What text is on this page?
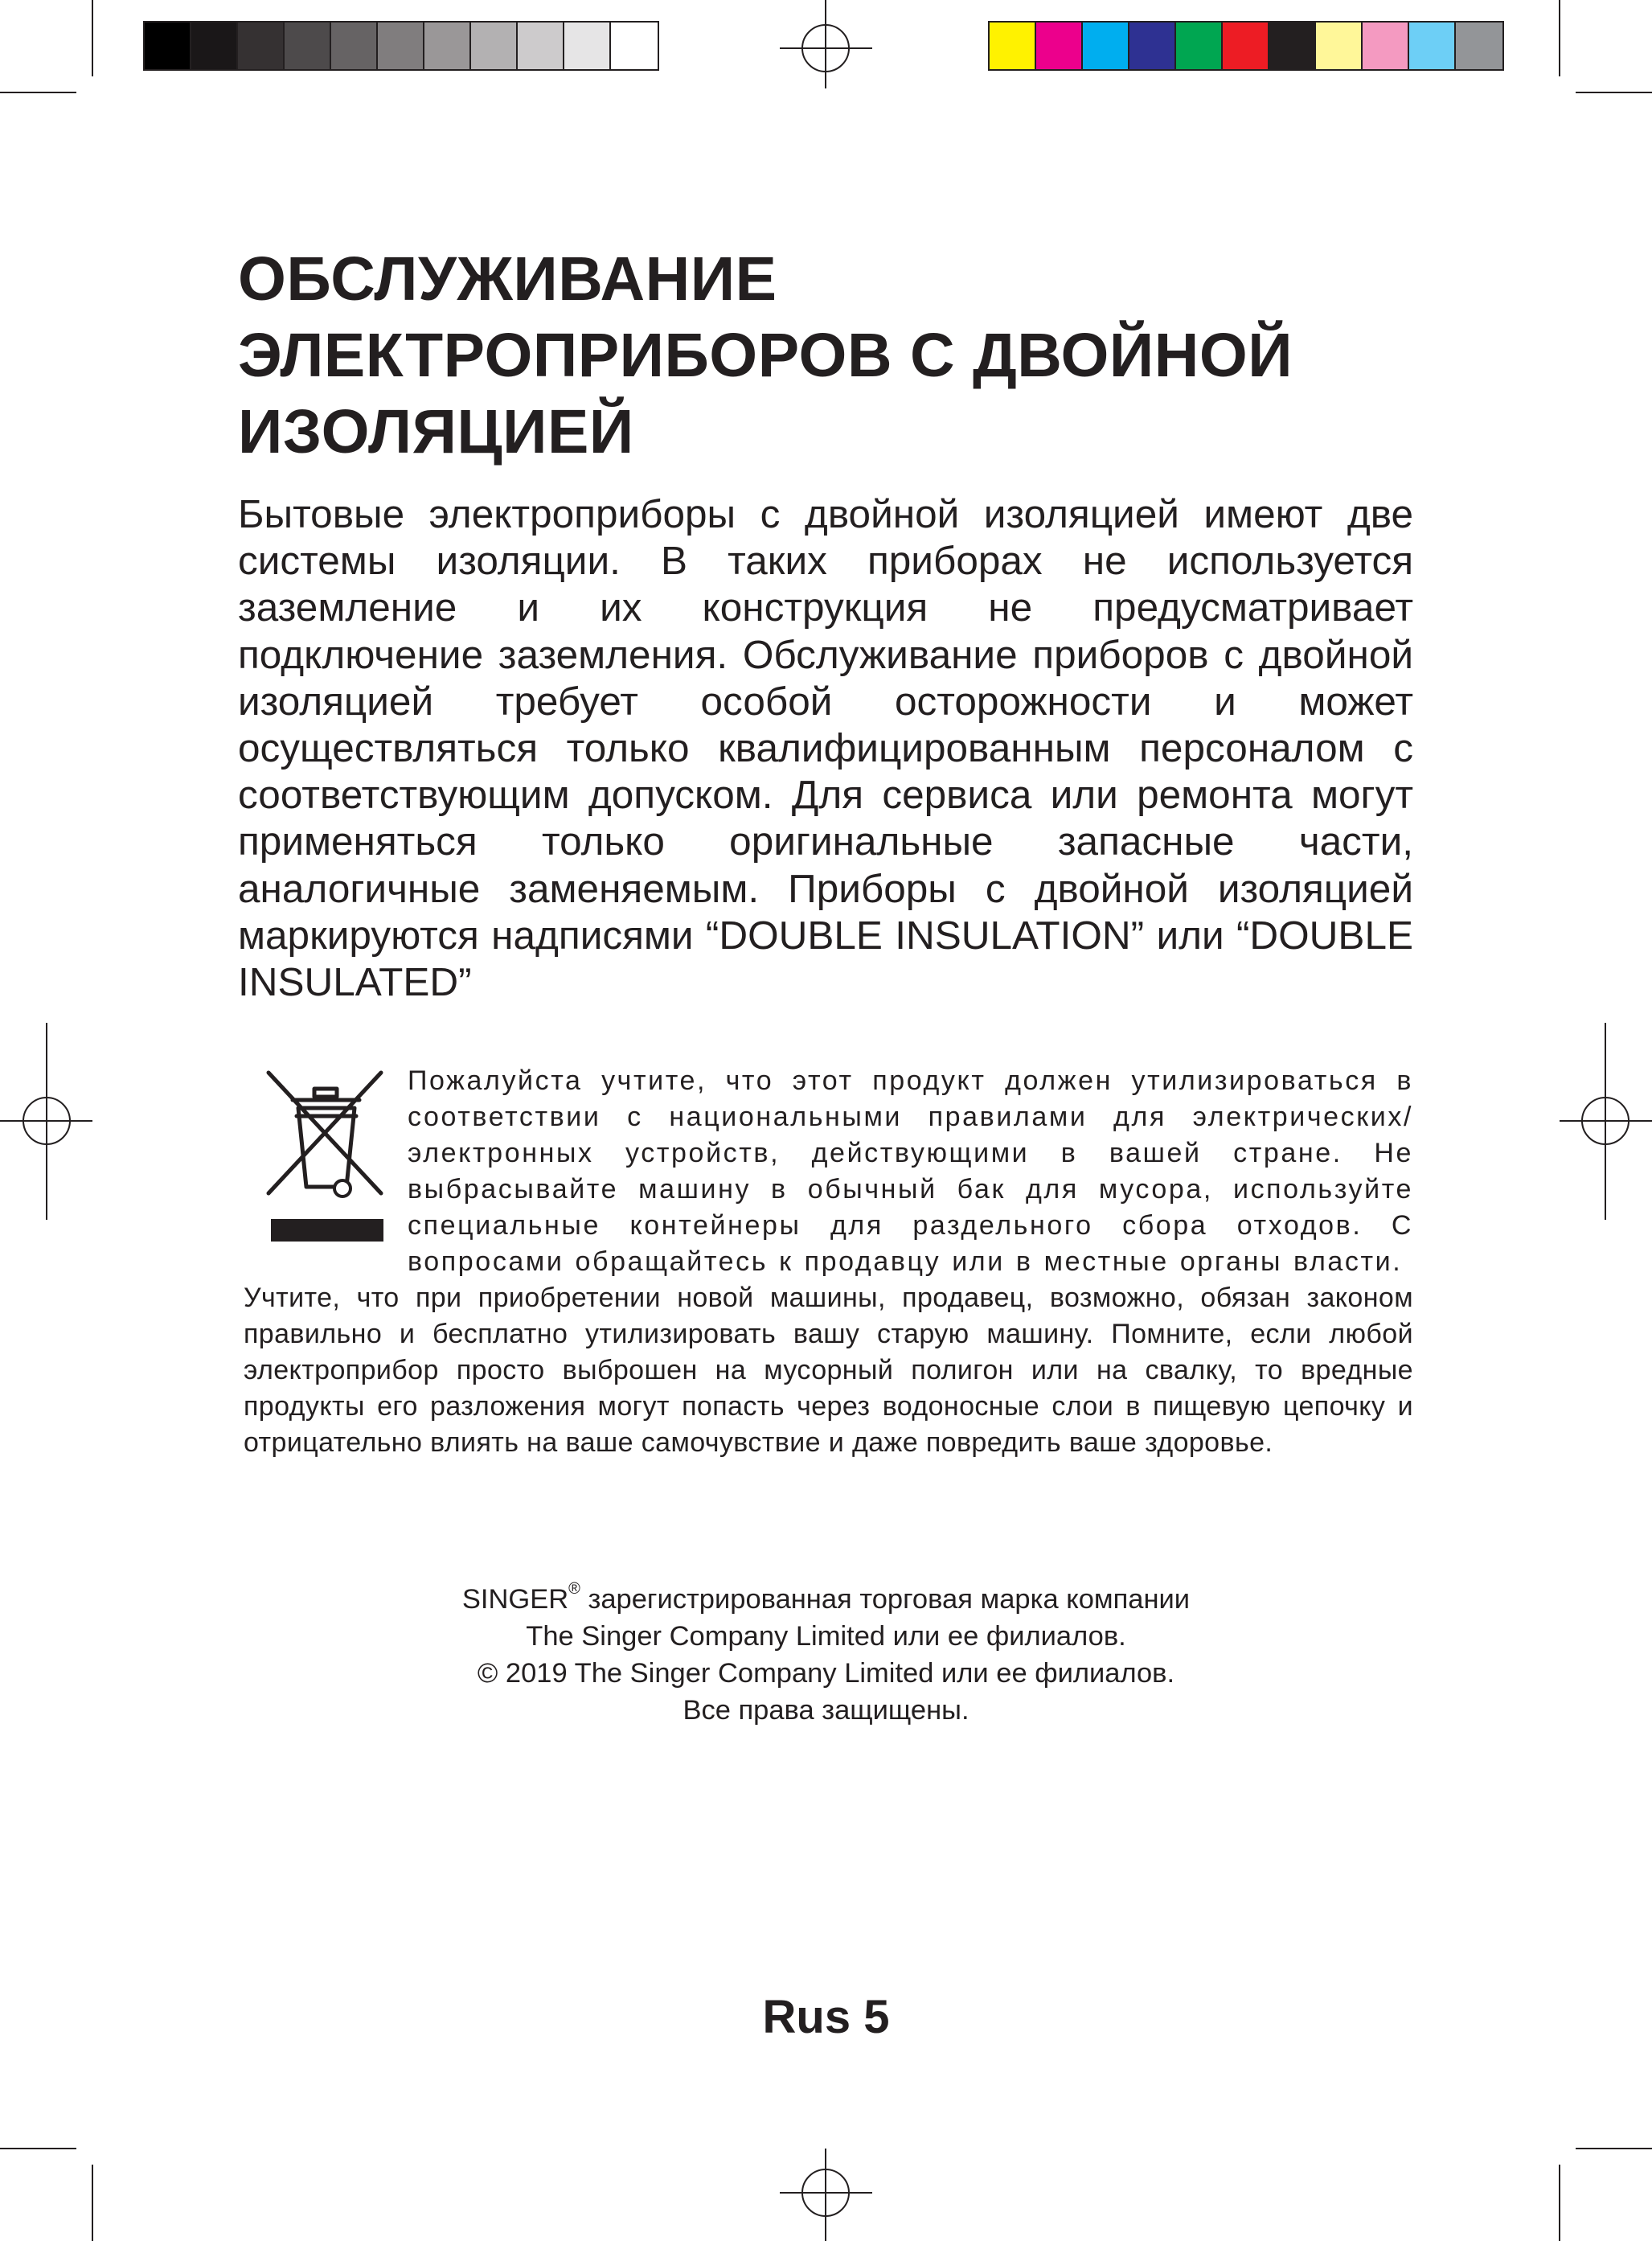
ОБСЛУЖИВАНИЕ
ЭЛЕКТРОПРИБОРОВ С ДВОЙНОЙ
ИЗОЛЯЦИЕЙ

Бытовые электроприборы с двойной изоляцией имеют две системы изоляции. В таких приборах не используется заземление и их конструкция не предусматривает подключение заземления. Обслуживание приборов с двойной изоляцией требует особой осторожности и может осуществляться только квалифицированным персоналом с соответствующим допуском. Для сервиса или ремонта могут применяться только оригинальные запасные части, аналогичные заменяемым. Приборы с двойной изоляцией маркируются надписями “DOUBLE INSULATION” или “DOUBLE INSULATED”

Пожалуйста учтите, что этот продукт должен утилизироваться в соответствии с национальными правилами для электрических/ электронных устройств, действующими в вашей стране. Не выбрасывайте машину в обычный бак для мусора, используйте специальные контейнеры для раздельного сбора отходов. С вопросами обращайтесь к продавцу или в местные органы власти.

Учтите, что при приобретении новой машины, продавец, возможно, обязан законом правильно и бесплатно утилизировать вашу старую машину. Помните, если любой электроприбор просто выброшен на мусорный полигон или на свалку, то вредные продукты его разложения могут попасть через водоносные слои в пищевую цепочку и отрицательно влиять на ваше самочувствие и даже повредить ваше здоровье.

SINGER® зарегистрированная торговая марка компании
The Singer Company Limited или ее филиалов.
© 2019 The Singer Company Limited или ее филиалов.
Все права защищены.
Rus 5
